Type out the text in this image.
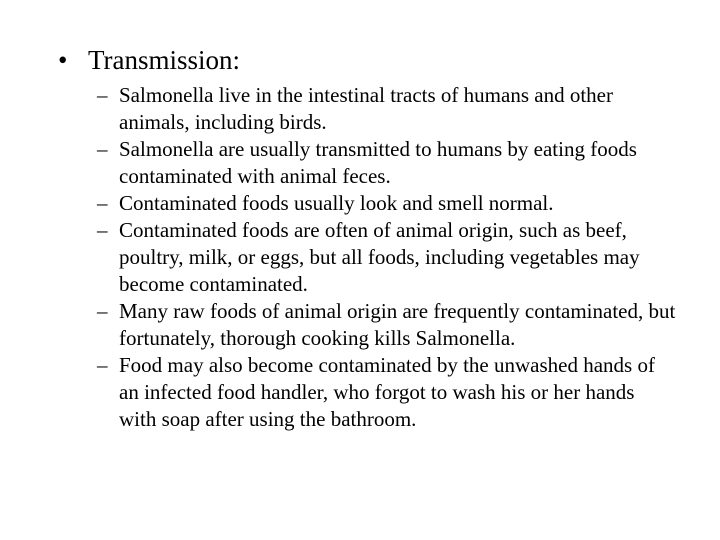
• Transmission:
– Salmonella live in the intestinal tracts of humans and other animals, including birds.
– Salmonella are usually transmitted to humans by eating foods contaminated with animal feces.
– Contaminated foods usually look and smell normal.
– Contaminated foods are often of animal origin, such as beef, poultry, milk, or eggs, but all foods, including vegetables may become contaminated.
– Many raw foods of animal origin are frequently contaminated, but fortunately, thorough cooking kills Salmonella.
– Food may also become contaminated by the unwashed hands of an infected food handler, who forgot to wash his or her hands with soap after using the bathroom.
